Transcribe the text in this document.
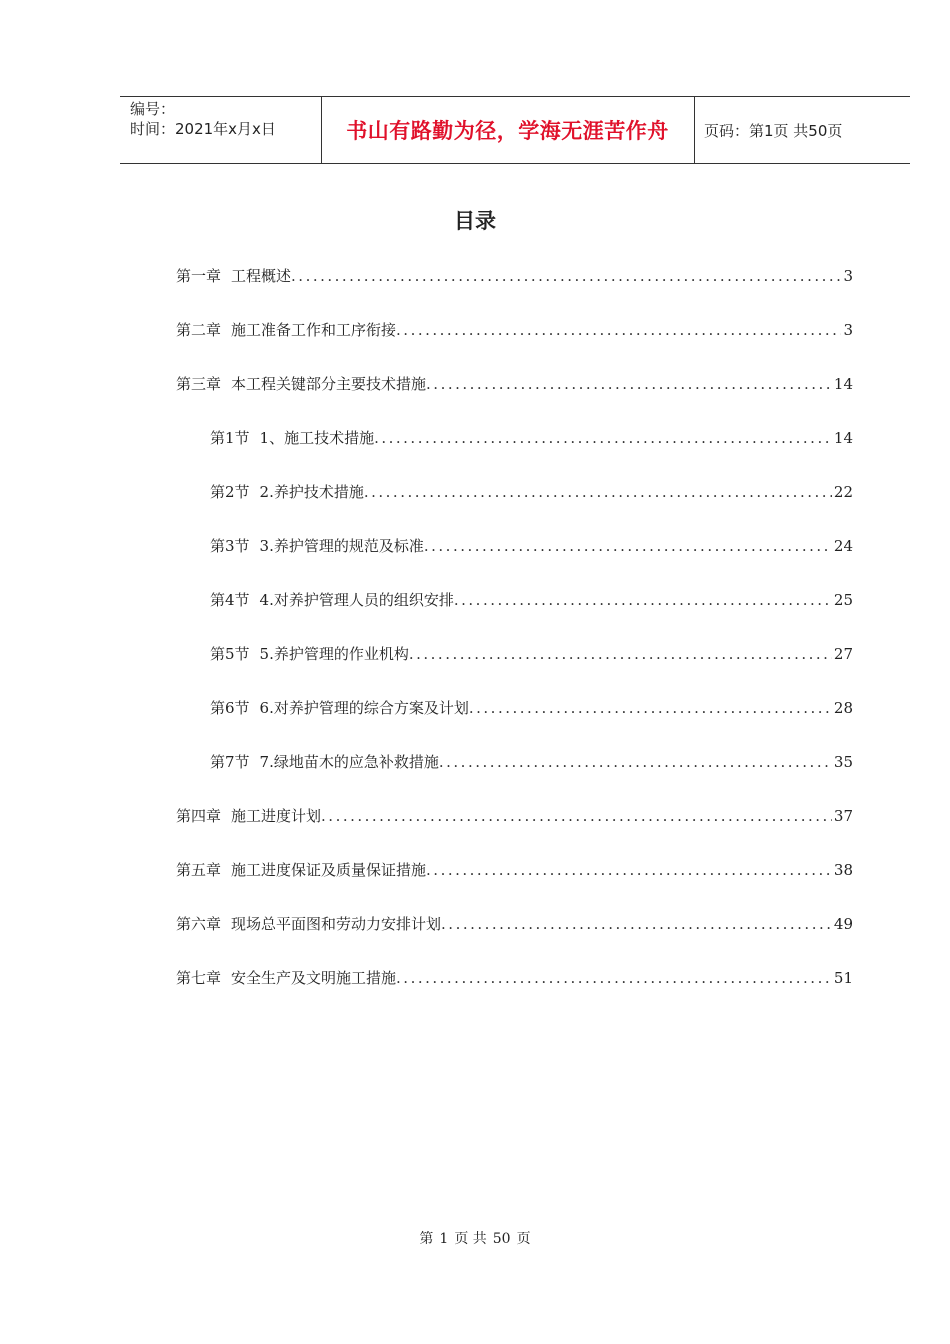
编号：
时间：2021年x月x日	书山有路勤为径，学海无涯苦作舟	页码：第1页 共50页
目录
第一章 工程概述 .....	3
第二章 施工准备工作和工序衔接 .....	3
第三章 本工程关键部分主要技术措施 .....	14
第1节 1、施工技术措施 .....	14
第2节 2.养护技术措施 .....	22
第3节 3.养护管理的规范及标准 .....	24
第4节 4.对养护管理人员的组织安排 .....	25
第5节 5.养护管理的作业机构 .....	27
第6节 6.对养护管理的综合方案及计划 .....	28
第7节 7.绿地苗木的应急补救措施 .....	35
第四章 施工进度计划 .....	37
第五章 施工进度保证及质量保证措施 .....	38
第六章 现场总平面图和劳动力安排计划 .....	49
第七章 安全生产及文明施工措施 .....	51
第 1 页 共 50 页
